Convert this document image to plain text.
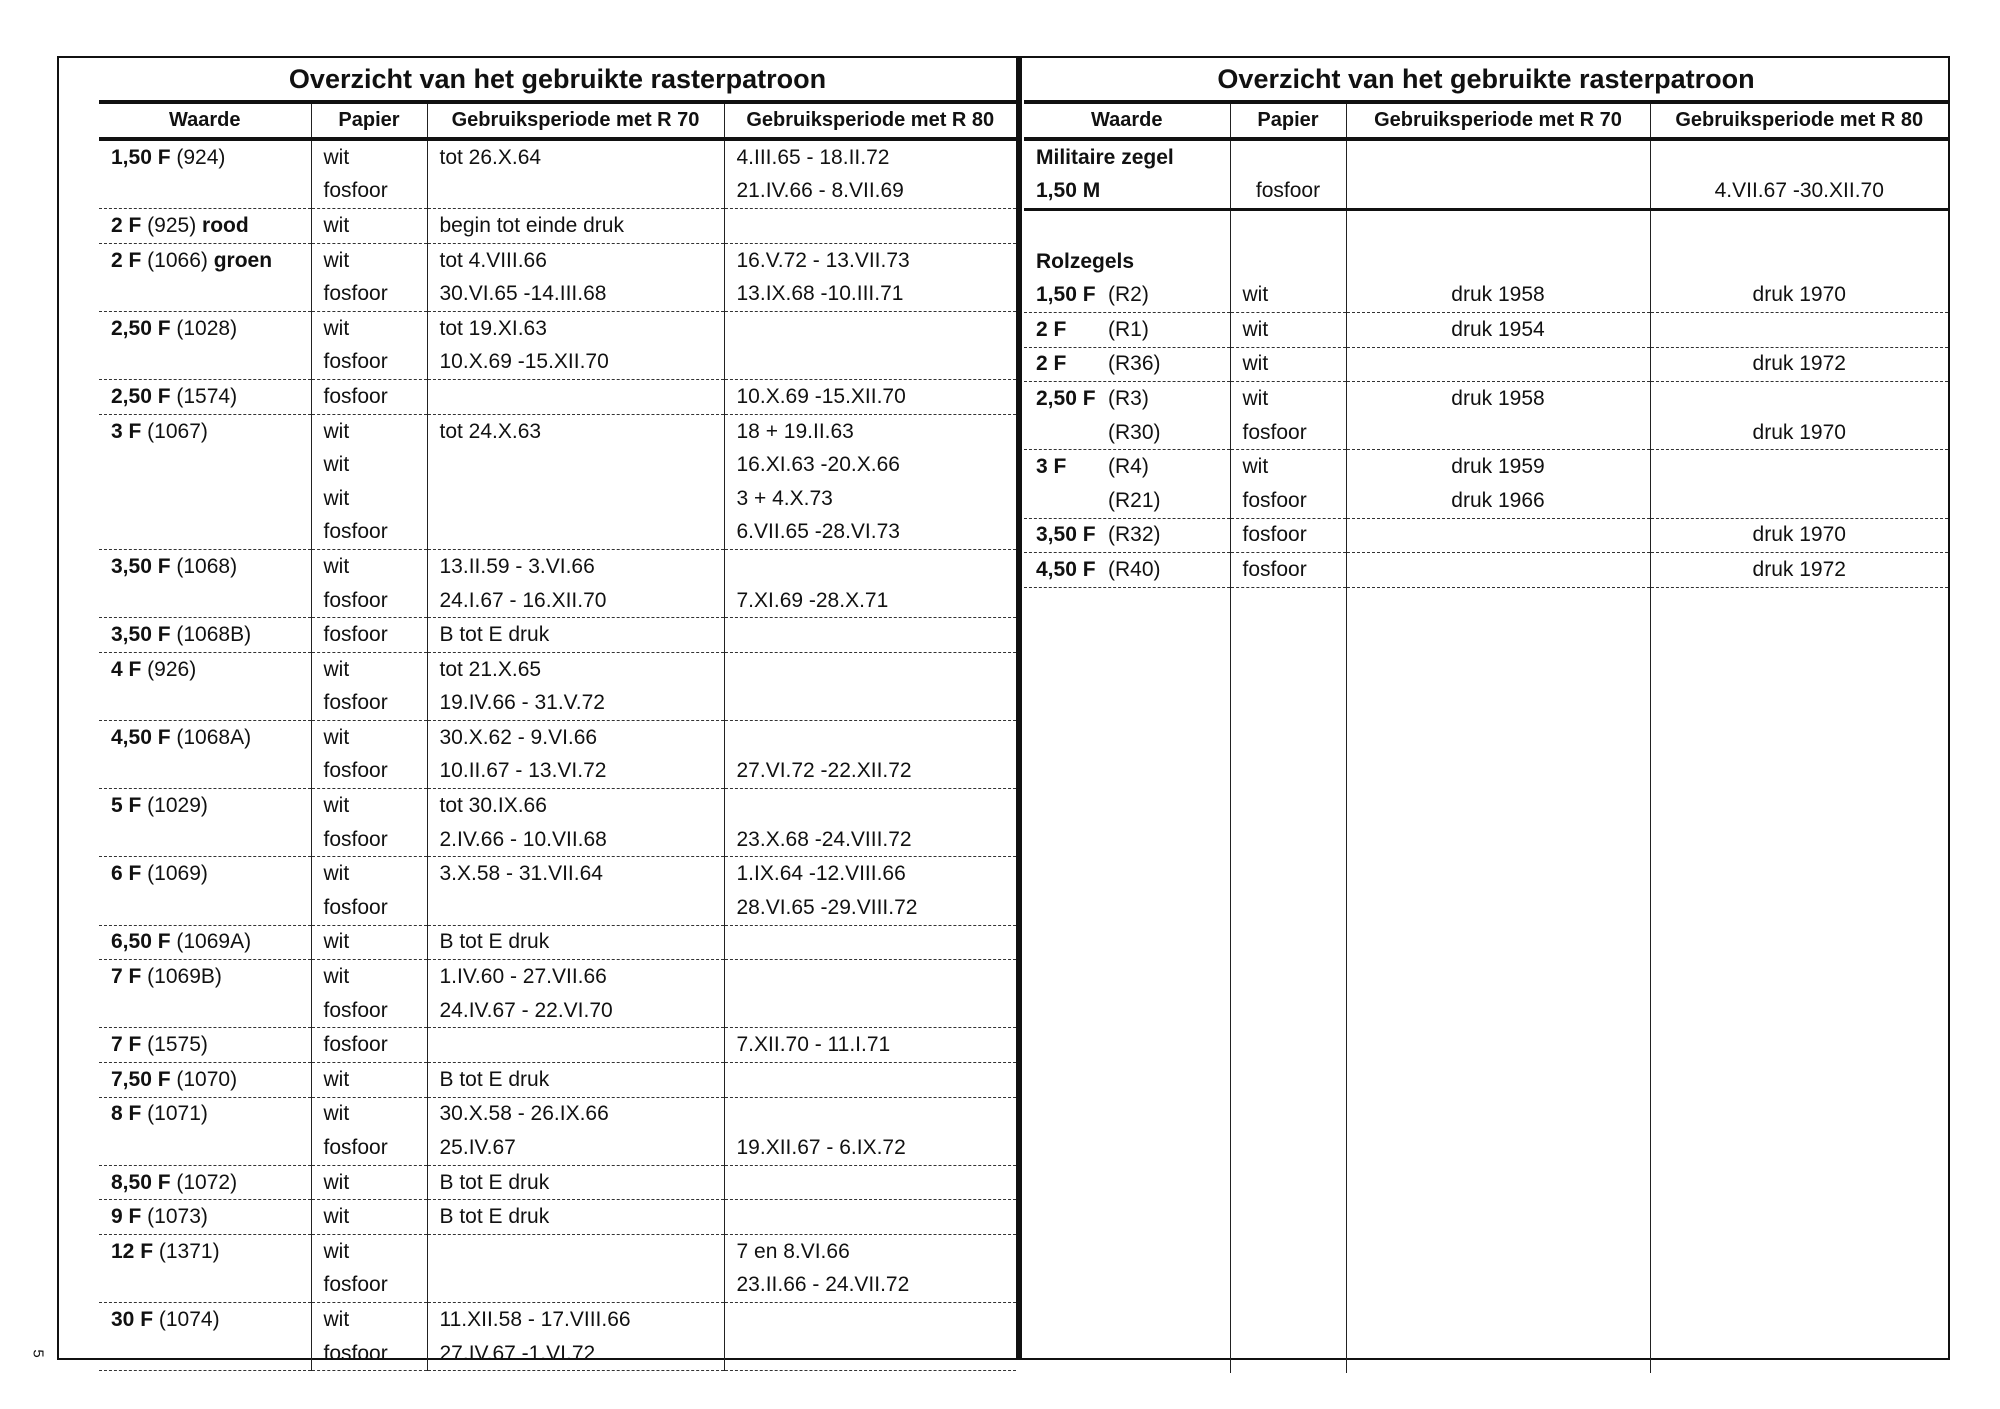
5
Overzicht van het gebruikte rasterpatroon
Waarde	Papier	Gebruiksperiode met R 70	Gebruiksperiode met R 80
1,50 F (924)	wit	tot 26.X.64	4.III.65 - 18.II.72
	fosfoor		21.IV.66 - 8.VII.69
2 F (925) rood	wit	begin tot einde druk	
2 F (1066) groen	wit	tot 4.VIII.66	16.V.72 - 13.VII.73
	fosfoor	30.VI.65 -14.III.68	13.IX.68 -10.III.71
2,50 F (1028)	wit	tot 19.XI.63	
	fosfoor	10.X.69 -15.XII.70	
2,50 F (1574)	fosfoor		10.X.69 -15.XII.70
3 F (1067)	wit	tot 24.X.63	18 + 19.II.63
	wit		16.XI.63 -20.X.66
	wit		3 + 4.X.73
	fosfoor		6.VII.65 -28.VI.73
3,50 F (1068)	wit	13.II.59 - 3.VI.66	
	fosfoor	24.I.67 - 16.XII.70	7.XI.69 -28.X.71
3,50 F (1068B)	fosfoor	B tot E druk	
4 F (926)	wit	tot 21.X.65	
	fosfoor	19.IV.66 - 31.V.72	
4,50 F (1068A)	wit	30.X.62 - 9.VI.66	
	fosfoor	10.II.67 - 13.VI.72	27.VI.72 -22.XII.72
5 F (1029)	wit	tot 30.IX.66	
	fosfoor	2.IV.66 - 10.VII.68	23.X.68 -24.VIII.72
6 F (1069)	wit	3.X.58 - 31.VII.64	1.IX.64 -12.VIII.66
	fosfoor		28.VI.65 -29.VIII.72
6,50 F (1069A)	wit	B tot E druk	
7 F (1069B)	wit	1.IV.60 - 27.VII.66	
	fosfoor	24.IV.67 - 22.VI.70	
7 F (1575)	fosfoor		7.XII.70 - 11.I.71
7,50 F (1070)	wit	B tot E druk	
8 F (1071)	wit	30.X.58 - 26.IX.66	
	fosfoor	25.IV.67	19.XII.67 - 6.IX.72
8,50 F (1072)	wit	B tot E druk	
9 F (1073)	wit	B tot E druk	
12 F (1371)	wit		7 en 8.VI.66
	fosfoor		23.II.66 - 24.VII.72
30 F (1074)	wit	11.XII.58 - 17.VIII.66	
	fosfoor	27.IV.67 -1.VI.72	
Overzicht van het gebruikte rasterpatroon
Waarde	Papier	Gebruiksperiode met R 70	Gebruiksperiode met R 80
Militaire zegel			
1,50 M	fosfoor		4.VII.67 -30.XII.70

Rolzegels			
1,50 F (R2)	wit	druk 1958	druk 1970
2 F (R1)	wit	druk 1954	
2 F (R36)	wit		druk 1972
2,50 F (R3)	wit	druk 1958	
(R30)	fosfoor		druk 1970
3 F (R4)	wit	druk 1959	
(R21)	fosfoor	druk 1966	
3,50 F (R32)	fosfoor		druk 1970
4,50 F (R40)	fosfoor		druk 1972
